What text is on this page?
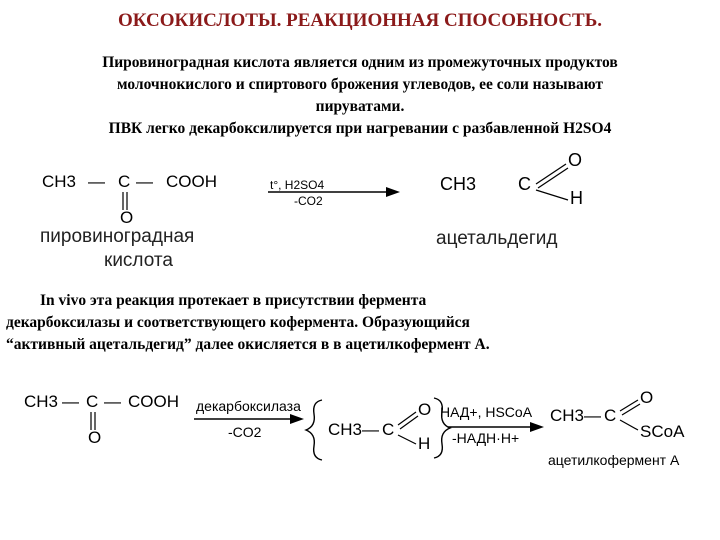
ОКСОКИСЛОТЫ. РЕАКЦИОННАЯ СПОСОБНОСТЬ.
Пировиноградная кислота является одним из промежуточных продуктов
молочнокислого и спиртового брожения углеводов, ее соли называют
пируватами.
ПВК легко декарбоксилируется при нагревании с разбавленной H2SO4
CH3 — C — COOH
O
пировиноградная
кислота
t°, H2SO4
-CO2
CH3 C
O
H
ацетальдегид
In vivo эта реакция протекает в присутствии фермента
декарбоксилазы и соответствующего кофермента. Образующийся
“активный ацетальдегид” далее окисляется в в ацетилкофермент А.
CH3 — C — COOH
O
декарбоксилаза
-CO2	CH3 — C
O
H
НАД+, HSCoA
-НАДН·Н+
CH3 — C
O
SCoA
ацетилкофермент А
